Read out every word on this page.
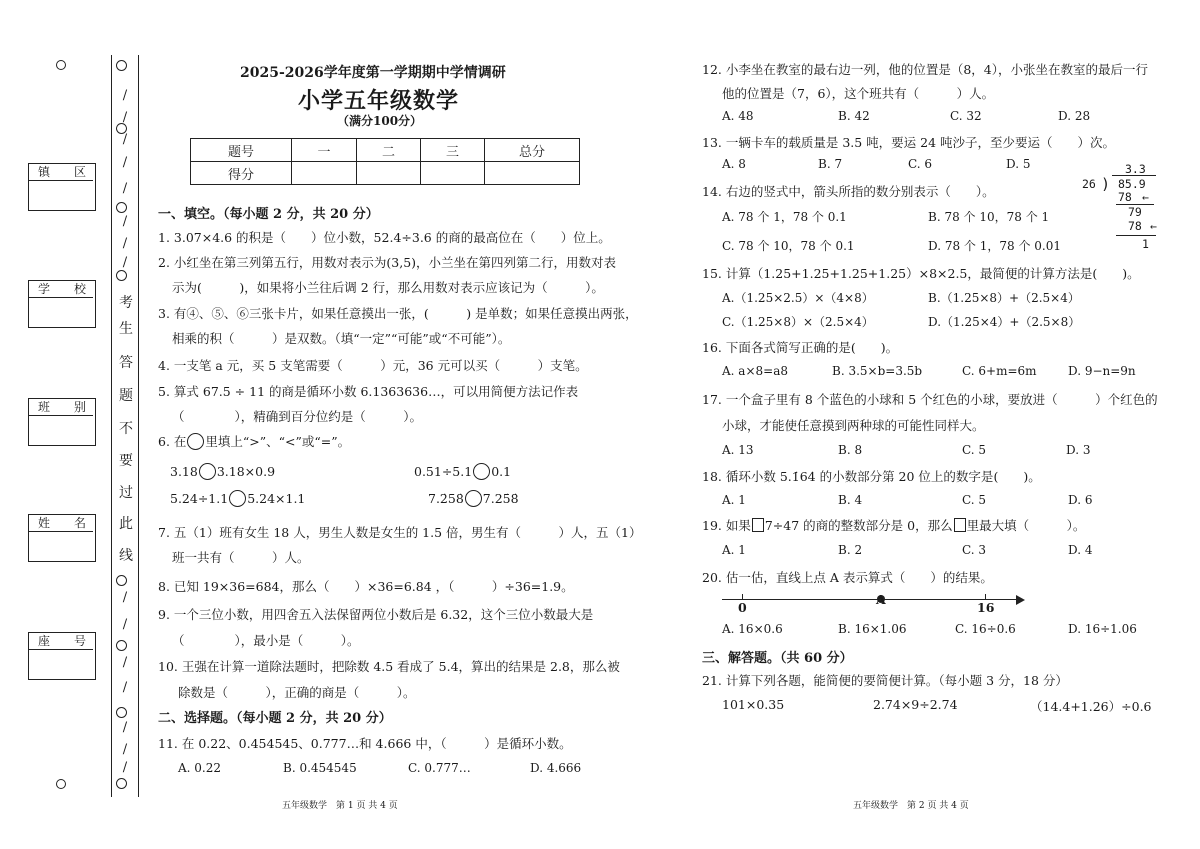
/
/
/
/
/
/
/
/
考
生
答
题
不
要
过
此
线
/
/
/
/
/
/
/
镇 区
学 校
班 别
姓 名
座 号
2025-2026学年度第一学期期中学情调研
小学五年级数学
（满分100分）
题号	一	二	三	总分
得分				
一、填空。（每小题 2 分，共 20 分）
1. 3.07×4.6 的积是（　　）位小数，52.4÷3.6 的商的最高位在（　　）位上。
2. 小红坐在第三列第五行，用数对表示为(3,5)，小兰坐在第四列第二行，用数对表
示为(　　　)，如果将小兰往后调 2 行，那么用数对表示应该记为（　　　）。
3. 有④、⑤、⑥三张卡片，如果任意摸出一张，(　　　) 是单数；如果任意摸出两张，
相乘的积（　　　）是双数。（填“一定”“可能”或“不可能”）。
4. 一支笔 a 元，买 5 支笔需要（　　　）元，36 元可以买（　　　）支笔。
5. 算式 67.5 ÷ 11 的商是循环小数 6.1363636…，可以用简便方法记作表
（　　　　），精确到百分位约是（　　　）。
6. 在 里填上“>”、“<”或“=”。
3.18 3.18×0.9	0.51÷5.1 0.1
5.24÷1.1 5.24×1.1	7.2̇58̇ 7.25̇8̇
7. 五（1）班有女生 18 人，男生人数是女生的 1.5 倍，男生有（　　　）人，五（1）
班一共有（　　　）人。
8. 已知 19×36=684，那么（　　）×36=6.84 ，（　　　）÷36=1.9。
9. 一个三位小数，用四舍五入法保留两位小数后是 6.32，这个三位小数最大是
（　　　　），最小是（　　　）。
10. 王强在计算一道除法题时，把除数 4.5 看成了 5.4，算出的结果是 2.8，那么被
除数是（　　　），正确的商是（　　　）。
二、选择题。（每小题 2 分，共 20 分）
11. 在 0.22、0.454545、0.777…和 4.666 中，（　　　）是循环小数。
A. 0.22	B. 0.454545	C. 0.777…	D. 4.666
五年级数学　第 1 页 共 4 页
12. 小李坐在教室的最右边一列，他的位置是（8，4），小张坐在教室的最后一行
他的位置是（7，6），这个班共有（　　　）人。
A. 48	B. 42	C. 32	D. 28
13. 一辆卡车的载质量是 3.5 吨，要运 24 吨沙子，至少要运（　　）次。
A. 8	B. 7	C. 6	D. 5
14. 右边的竖式中，箭头所指的数分别表示（　　）。
A. 78 个 1，78 个 0.1	B. 78 个 10，78 个 1
C. 78 个 10，78 个 0.1	D. 78 个 1，78 个 0.01
3.3
26 ) 85.9
78 ←
79
78 ←
1
15. 计算（1.25+1.25+1.25+1.25）×8×2.5，最简便的计算方法是(　　)。
A.（1.25×2.5）×（4×8）	B.（1.25×8）+（2.5×4）
C.（1.25×8）×（2.5×4）	D.（1.25×4）+（2.5×8）
16. 下面各式简写正确的是(　　)。
A. a×8=a8	B. 3.5×b=3.5b	C. 6+m=6m	D. 9−n=9n
17. 一个盒子里有 8 个蓝色的小球和 5 个红色的小球，要放进（　　　）个红色的
小球，才能使任意摸到两种球的可能性同样大。
A. 13	B. 8	C. 5	D. 3
18. 循环小数 5.1̇64̇ 的小数部分第 20 位上的数字是(　　)。
A. 1	B. 4	C. 5	D. 6
19. 如果 7÷47 的商的整数部分是 0，那么 里最大填（　　　）。
A. 1	B. 2	C. 3	D. 4
20. 估一估，直线上点 A 表示算式（　　）的结果。
0
A
16
A. 16×0.6	B. 16×1.06	C. 16÷0.6	D. 16÷1.06
三、解答题。（共 60 分）
21. 计算下列各题，能简便的要简便计算。（每小题 3 分，18 分）
101×0.35	2.74×9÷2.74	（14.4+1.26）÷0.6
五年级数学　第 2 页 共 4 页
